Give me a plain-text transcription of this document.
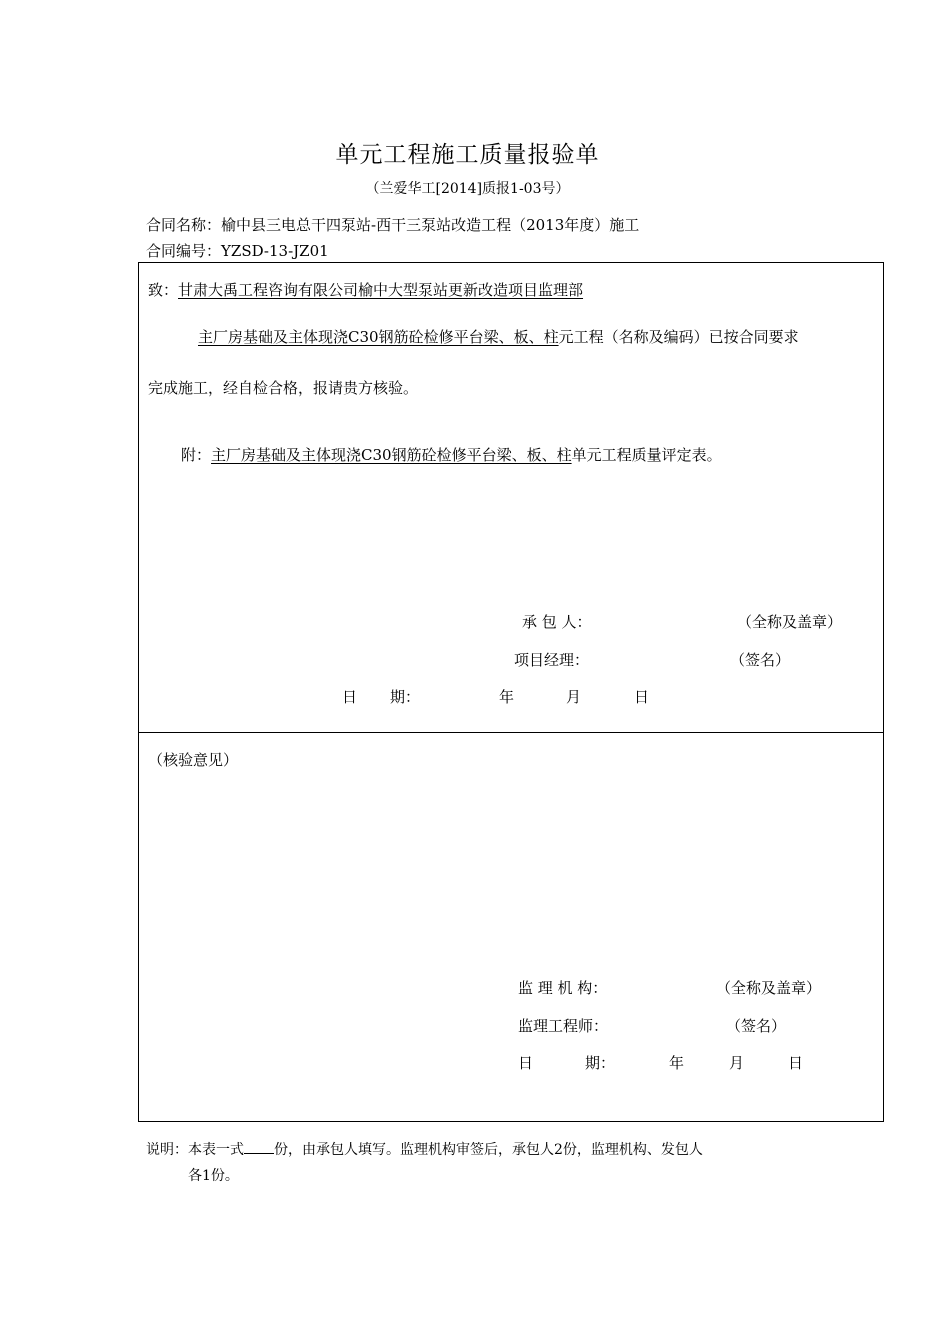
单元工程施工质量报验单
（兰爱华工[2014]质报1-03号）
合同名称：榆中县三电总干四泵站-西干三泵站改造工程（2013年度）施工
合同编号：YZSD-13-JZ01
致：甘肃大禹工程咨询有限公司榆中大型泵站更新改造项目监理部
主厂房基础及主体现浇C30钢筋砼检修平台梁、板、柱元工程（名称及编码）已按合同要求
完成施工，经自检合格，报请贵方核验。
附：主厂房基础及主体现浇C30钢筋砼检修平台梁、板、柱单元工程质量评定表。
承 包 人：	（全称及盖章）
项目经理：	（签名）
日 期：	年	月	日
（核验意见）
监 理 机 构：	（全称及盖章）
监理工程师：	（签名）
日	期：	年	月	日
说明：本表一式 份，由承包人填写。监理机构审签后，承包人2份，监理机构、发包人
各1份。
